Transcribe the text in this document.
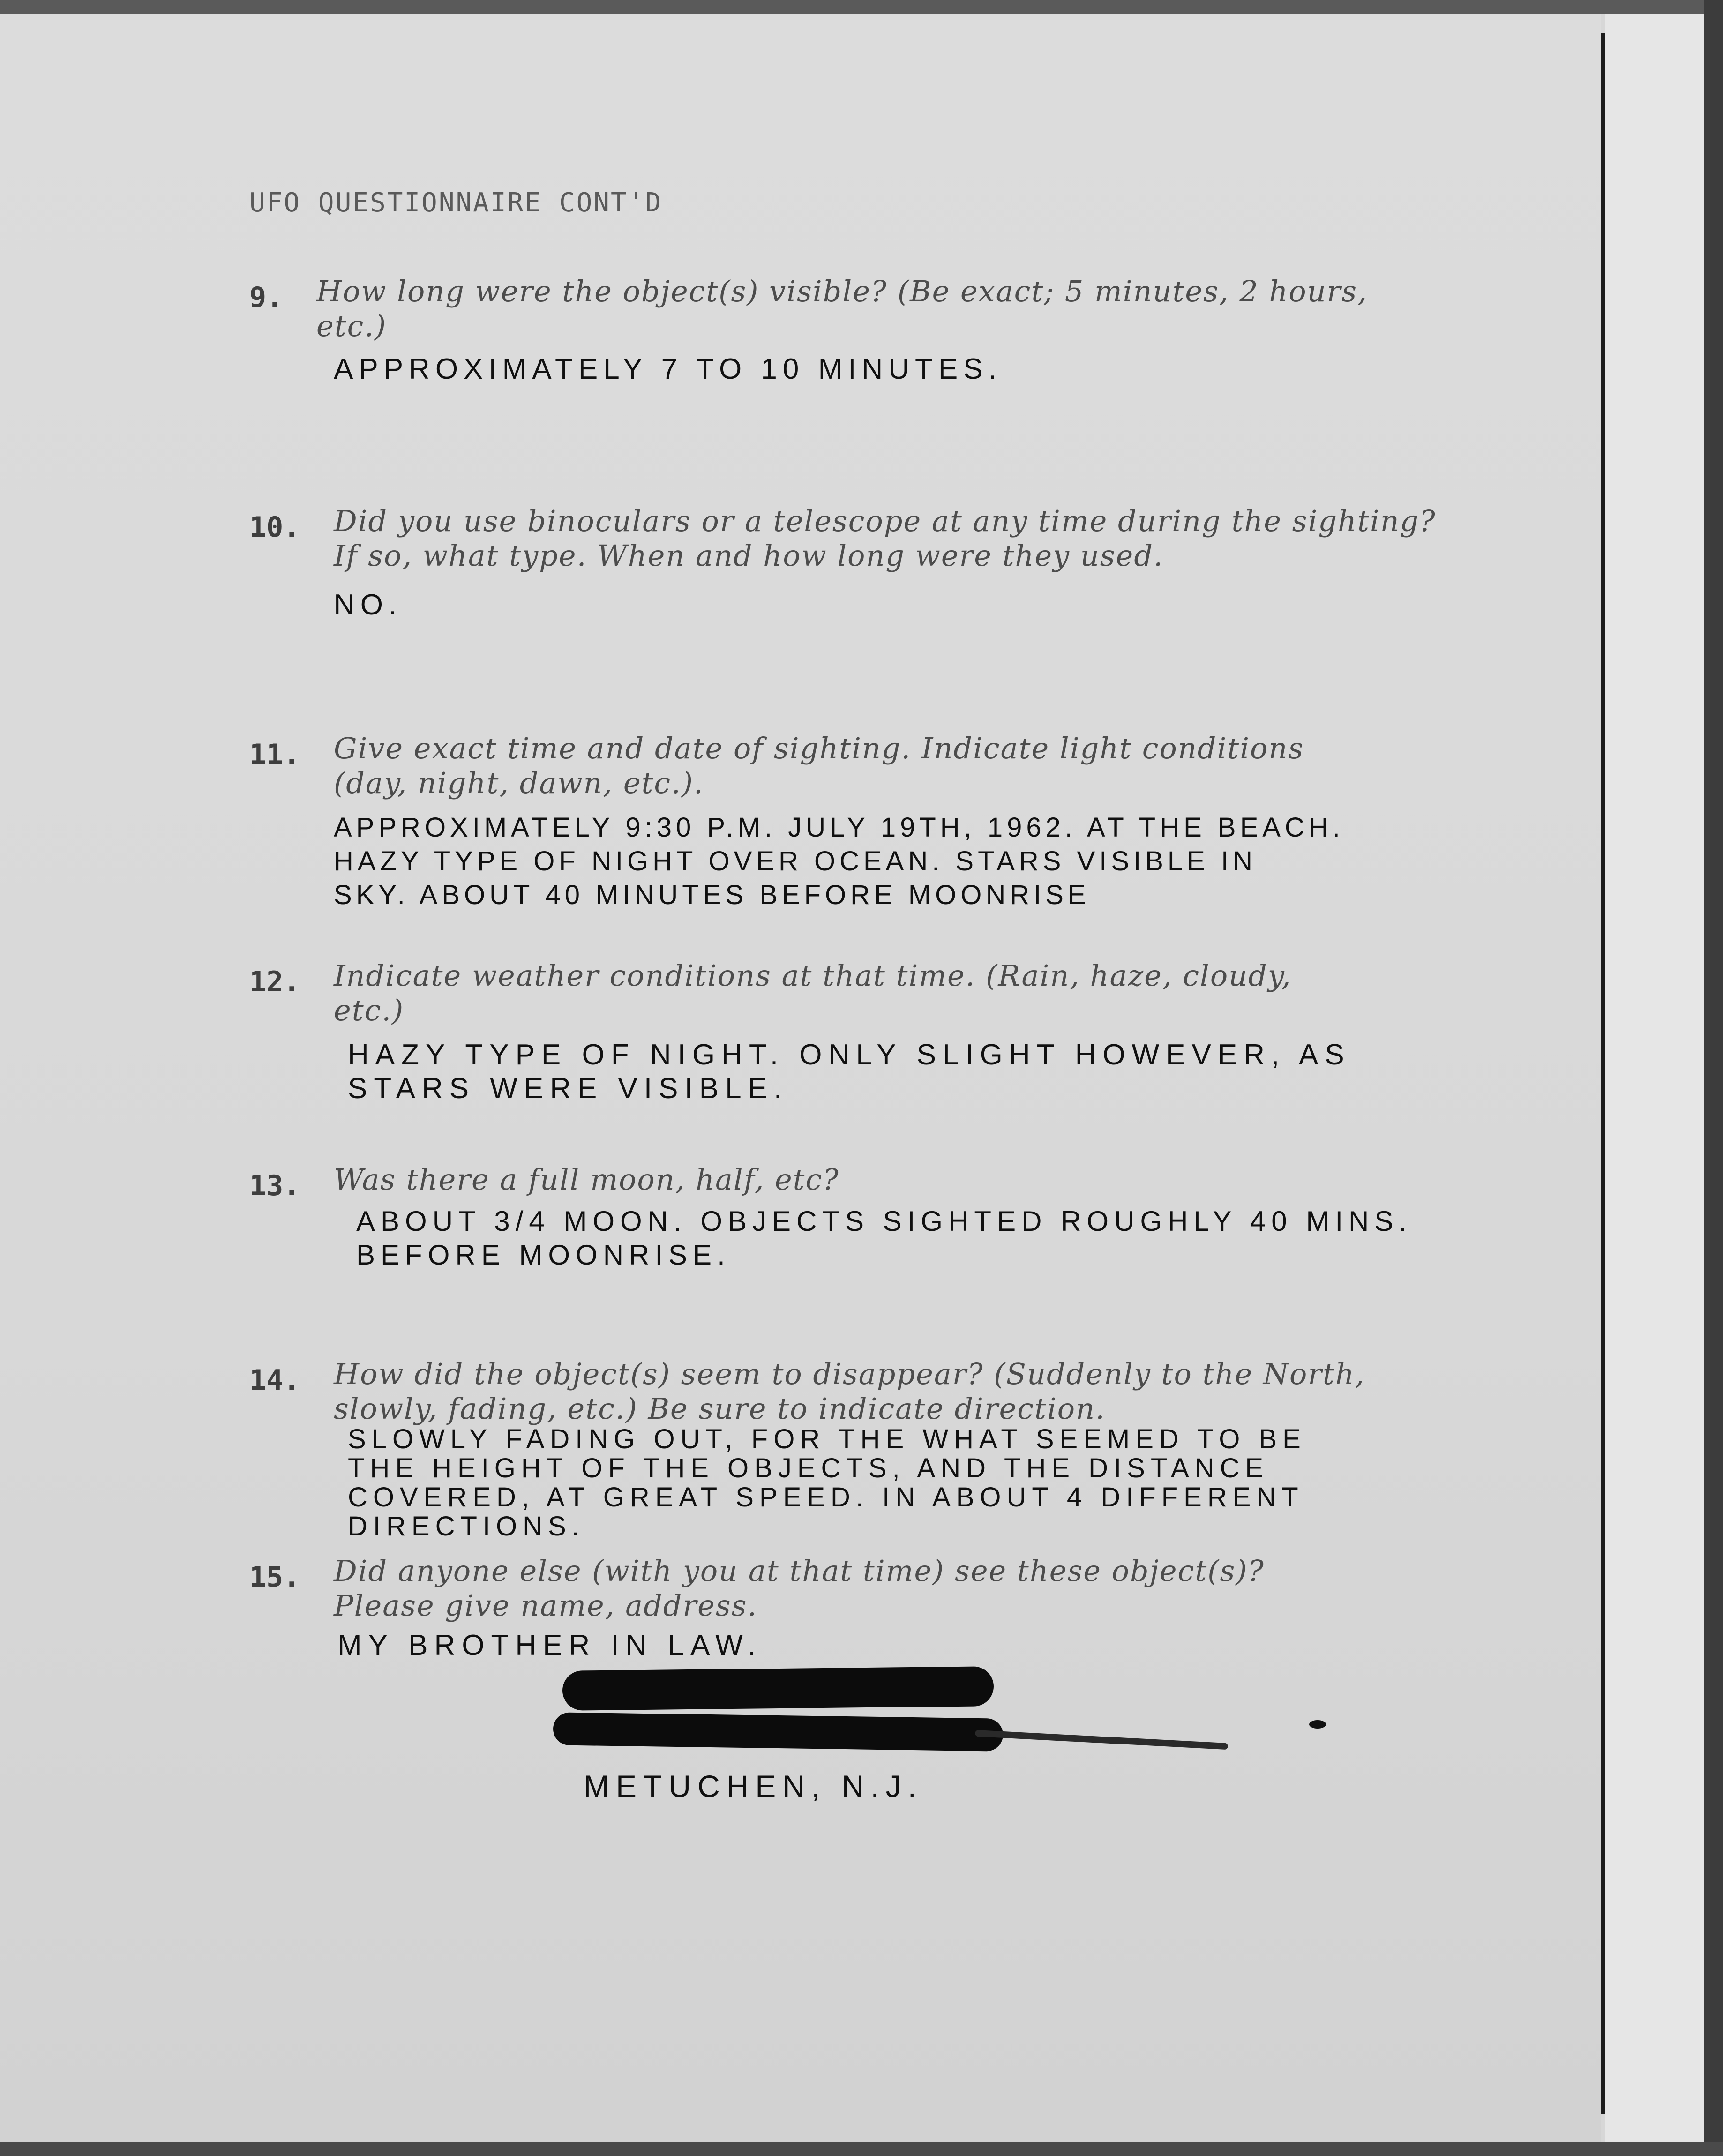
UFO QUESTIONNAIRE CONT'D
9. How long were the object(s) visible? (Be exact; 5 minutes, 2 hours,
etc.)
APPROXIMATELY 7 TO 10 MINUTES.
10. Did you use binoculars or a telescope at any time during the sighting?
If so, what type. When and how long were they used.
NO.
11. Give exact time and date of sighting. Indicate light conditions
(day, night, dawn, etc.).
APPROXIMATELY 9:30 P.M. JULY 19TH, 1962. AT THE BEACH.
HAZY TYPE OF NIGHT OVER OCEAN. STARS VISIBLE IN
SKY. ABOUT 40 MINUTES BEFORE MOONRISE
12. Indicate weather conditions at that time. (Rain, haze, cloudy,
etc.)
HAZY TYPE OF NIGHT. ONLY SLIGHT HOWEVER, AS
STARS WERE VISIBLE.
13. Was there a full moon, half, etc?
ABOUT 3/4 MOON. OBJECTS SIGHTED ROUGHLY 40 MINS.
BEFORE MOONRISE.
14. How did the object(s) seem to disappear? (Suddenly to the North,
slowly, fading, etc.) Be sure to indicate direction.
SLOWLY FADING OUT, FOR THE WHAT SEEMED TO BE
THE HEIGHT OF THE OBJECTS, AND THE DISTANCE
COVERED, AT GREAT SPEED. IN ABOUT 4 DIFFERENT
DIRECTIONS.
15. Did anyone else (with you at that time) see these object(s)?
Please give name, address.
MY BROTHER IN LAW.
METUCHEN, N.J.
